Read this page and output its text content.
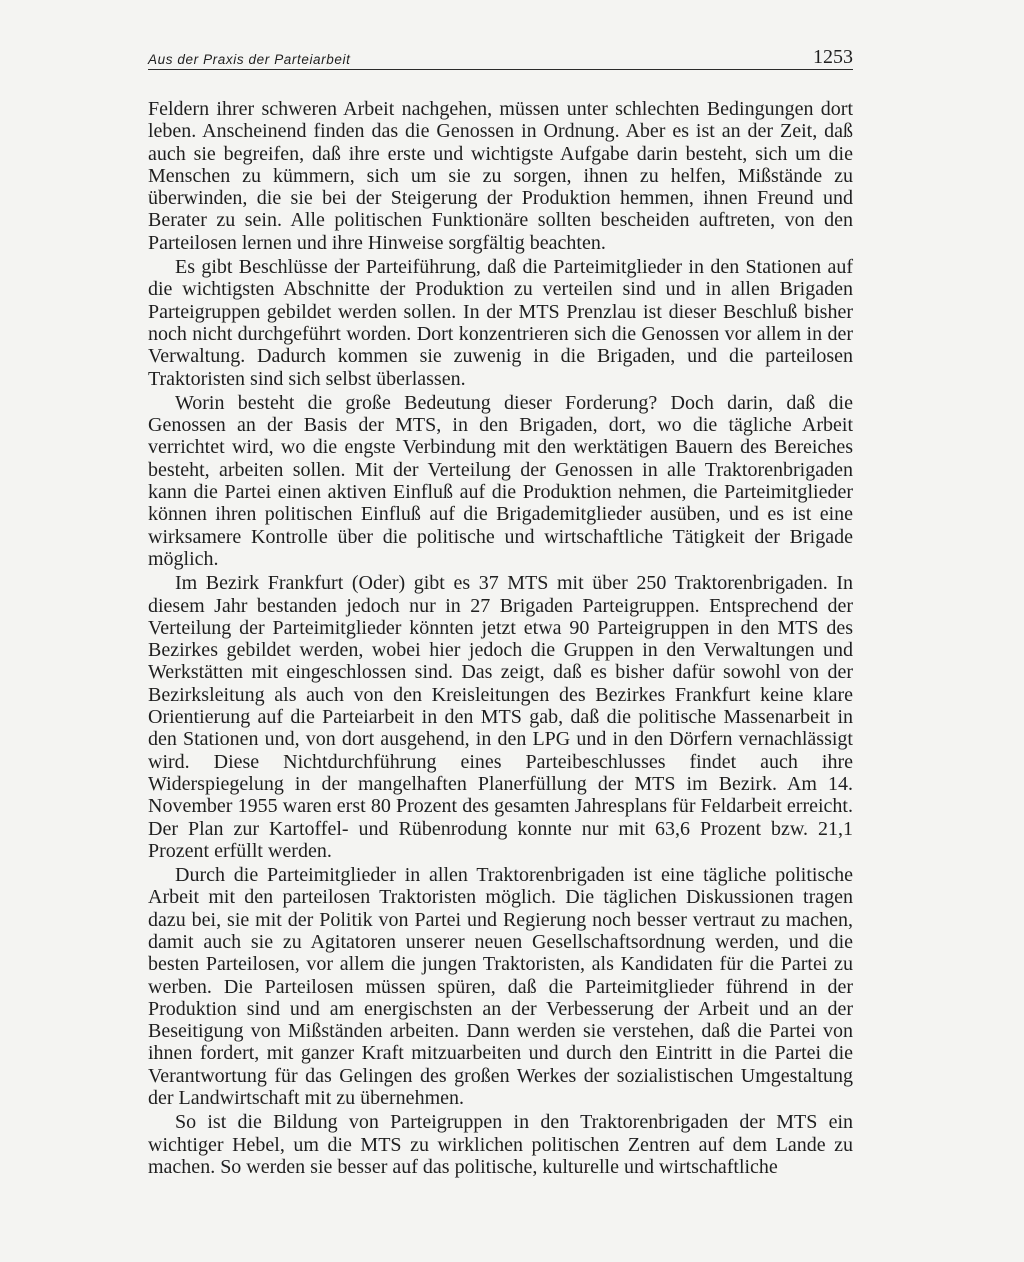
Aus der Praxis der Parteiarbeit	1253

Feldern ihrer schweren Arbeit nachgehen, müssen unter schlechten Bedingungen dort leben. Anscheinend finden das die Genossen in Ordnung. Aber es ist an der Zeit, daß auch sie begreifen, daß ihre erste und wichtigste Aufgabe darin besteht, sich um die Menschen zu kümmern, sich um sie zu sorgen, ihnen zu helfen, Mißstände zu überwinden, die sie bei der Steigerung der Produktion hemmen, ihnen Freund und Berater zu sein. Alle politischen Funktionäre sollten bescheiden auftreten, von den Parteilosen lernen und ihre Hinweise sorgfältig beachten.

Es gibt Beschlüsse der Parteiführung, daß die Parteimitglieder in den Stationen auf die wichtigsten Abschnitte der Produktion zu verteilen sind und in allen Brigaden Parteigruppen gebildet werden sollen. In der MTS Prenzlau ist dieser Beschluß bisher noch nicht durchgeführt worden. Dort konzentrieren sich die Genossen vor allem in der Verwaltung. Dadurch kommen sie zuwenig in die Brigaden, und die parteilosen Traktoristen sind sich selbst überlassen.

Worin besteht die große Bedeutung dieser Forderung? Doch darin, daß die Genossen an der Basis der MTS, in den Brigaden, dort, wo die tägliche Arbeit verrichtet wird, wo die engste Verbindung mit den werktätigen Bauern des Bereiches besteht, arbeiten sollen. Mit der Verteilung der Genossen in alle Traktorenbrigaden kann die Partei einen aktiven Einfluß auf die Produktion nehmen, die Parteimitglieder können ihren politischen Einfluß auf die Brigademitglieder ausüben, und es ist eine wirksamere Kontrolle über die politische und wirtschaftliche Tätigkeit der Brigade möglich.

Im Bezirk Frankfurt (Oder) gibt es 37 MTS mit über 250 Traktorenbrigaden. In diesem Jahr bestanden jedoch nur in 27 Brigaden Parteigruppen. Entsprechend der Verteilung der Parteimitglieder könnten jetzt etwa 90 Parteigruppen in den MTS des Bezirkes gebildet werden, wobei hier jedoch die Gruppen in den Verwaltungen und Werkstätten mit eingeschlossen sind. Das zeigt, daß es bisher dafür sowohl von der Bezirksleitung als auch von den Kreisleitungen des Bezirkes Frankfurt keine klare Orientierung auf die Parteiarbeit in den MTS gab, daß die politische Massenarbeit in den Stationen und, von dort ausgehend, in den LPG und in den Dörfern vernachlässigt wird. Diese Nichtdurchführung eines Parteibeschlusses findet auch ihre Widerspiegelung in der mangelhaften Planerfüllung der MTS im Bezirk. Am 14. November 1955 waren erst 80 Prozent des gesamten Jahresplans für Feldarbeit erreicht. Der Plan zur Kartoffel- und Rübenrodung konnte nur mit 63,6 Prozent bzw. 21,1 Prozent erfüllt werden.

Durch die Parteimitglieder in allen Traktorenbrigaden ist eine tägliche politische Arbeit mit den parteilosen Traktoristen möglich. Die täglichen Diskussionen tragen dazu bei, sie mit der Politik von Partei und Regierung noch besser vertraut zu machen, damit auch sie zu Agitatoren unserer neuen Gesellschaftsordnung werden, und die besten Parteilosen, vor allem die jungen Traktoristen, als Kandidaten für die Partei zu werben. Die Parteilosen müssen spüren, daß die Parteimitglieder führend in der Produktion sind und am energischsten an der Verbesserung der Arbeit und an der Beseitigung von Mißständen arbeiten. Dann werden sie verstehen, daß die Partei von ihnen fordert, mit ganzer Kraft mitzuarbeiten und durch den Eintritt in die Partei die Verantwortung für das Gelingen des großen Werkes der sozialistischen Umgestaltung der Landwirtschaft mit zu übernehmen.

So ist die Bildung von Parteigruppen in den Traktorenbrigaden der MTS ein wichtiger Hebel, um die MTS zu wirklichen politischen Zentren auf dem Lande zu machen. So werden sie besser auf das politische, kulturelle und wirtschaftliche
